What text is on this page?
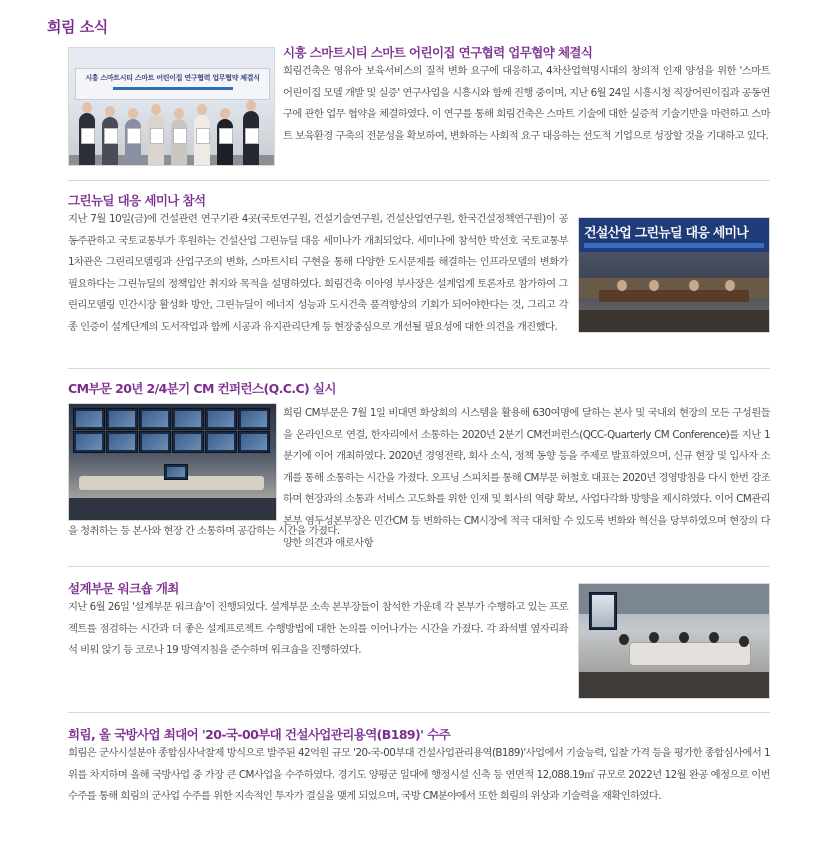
희림 소식
시흥 스마트시티 스마트 어린이집 연구협력 업무협약 체결식
시흥 스마트시티 스마트 어린이집 연구협력 업무협약 체결식
희림건축은 영유아 보육서비스의 질적 변화 요구에 대응하고, 4차산업혁명시대의 창의적 인재 양성을 위한 '스마트 어린이집 모델 개발 및 실증' 연구사업을 시흥시와 함께 진행 중이며, 지난 6월 24일 시흥시청 직장어린이집과 공동연구에 관한 업무 협약을 체결하였다. 이 연구를 통해 희림건축은 스마트 기술에 대한 실증적 기술기반을 마련하고 스마트 보육환경 구축의 전문성을 확보하여, 변화하는 사회적 요구 대응하는 선도적 기업으로 성장할 것을 기대하고 있다.
그린뉴딜 대응 세미나 참석
지난 7월 10일(금)에 건설관련 연구기관 4곳(국토연구원, 건설기술연구원, 건설산업연구원, 한국건설정책연구원)이 공동주관하고 국토교통부가 후원하는 건설산업 그린뉴딜 대응 세미나가 개최되었다. 세미나에 참석한 박선호 국토교통부 1차관은 그린리모델링과 산업구조의 변화, 스마트시티 구현을 통해 다양한 도시문제를 해결하는 인프라모델의 변화가 필요하다는 그린뉴딜의 정책입안 취지와 목적을 설명하였다. 희림건축 이아영 부사장은 설계업계 토론자로 참가하여 그린리모델링 민간시장 활성화 방안, 그린뉴딜이 에너지 성능과 도시건축 품격향상의 기회가 되어야한다는 것, 그리고 각종 인증이 설계단계의 도서작업과 함께 시공과 유지관리단계 등 현장중심으로 개선될 필요성에 대한 의견을 개진했다.
건설산업 그린뉴딜 대응 세미나
CM부문 20년 2/4분기 CM 컨퍼런스(Q.C.C) 실시
희림 CM부문은 7월 1일 비대면 화상회의 시스템을 활용해 630여명에 달하는 본사 및 국내외 현장의 모든 구성원들을 온라인으로 연결, 한자리에서 소통하는 2020년 2분기 CM컨퍼런스(QCC-Quarterly CM Conference)를 지난 1분기에 이어 개최하였다. 2020년 경영전략, 회사 소식, 정책 동향 등을 주제로 발표하였으며, 신규 현장 및 입사자 소개를 통해 소통하는 시간을 가졌다. 오프닝 스피치를 통해 CM부문 허철호 대표는 2020년 경영방침을 다시 한번 강조하며 현장과의 소통과 서비스 고도화를 위한 인재 및 회사의 역량 확보, 사업다각화 방향을 제시하였다. 이어 CM관리본부 염두성본부장은 민간CM 등 변화하는 CM시장에 적극 대처할 수 있도록 변화와 혁신을 당부하였으며 현장의 다양한 의견과 애로사항
을 청취하는 등 본사와 현장 간 소통하며 공감하는 시간을 가졌다.
설계부문 워크숍 개최
지난 6월 26일 '설계부문 워크숍'이 진행되었다. 설계부문 소속 본부장들이 참석한 가운데 각 본부가 수행하고 있는 프로젝트를 점검하는 시간과 더 좋은 설계프로젝트 수행방법에 대한 논의를 이어나가는 시간을 가졌다. 각 좌석별 옆자리좌석 비워 앉기 등 코로나 19 방역지침을 준수하며 워크숍을 진행하였다.
희림, 올 국방사업 최대어 '20-국-00부대 건설사업관리용역(B189)' 수주
희림은 군사시설분야 종합심사낙찰제 방식으로 발주된 42억원 규모 '20-국-00부대 건설사업관리용역(B189)'사업에서 기술능력, 입찰 가격 등을 평가한 종합심사에서 1위를 차지하며 올해 국방사업 중 가장 큰 CM사업을 수주하였다. 경기도 양평군 일대에 행정시설 신축 등 연면적 12,088.19㎡ 규모로 2022년 12월 완공 예정으로 이번 수주를 통해 희림의 군사업 수주를 위한 지속적인 투자가 결실을 맺게 되었으며, 국방 CM분야에서 또한 희림의 위상과 기술력을 재확인하였다.
